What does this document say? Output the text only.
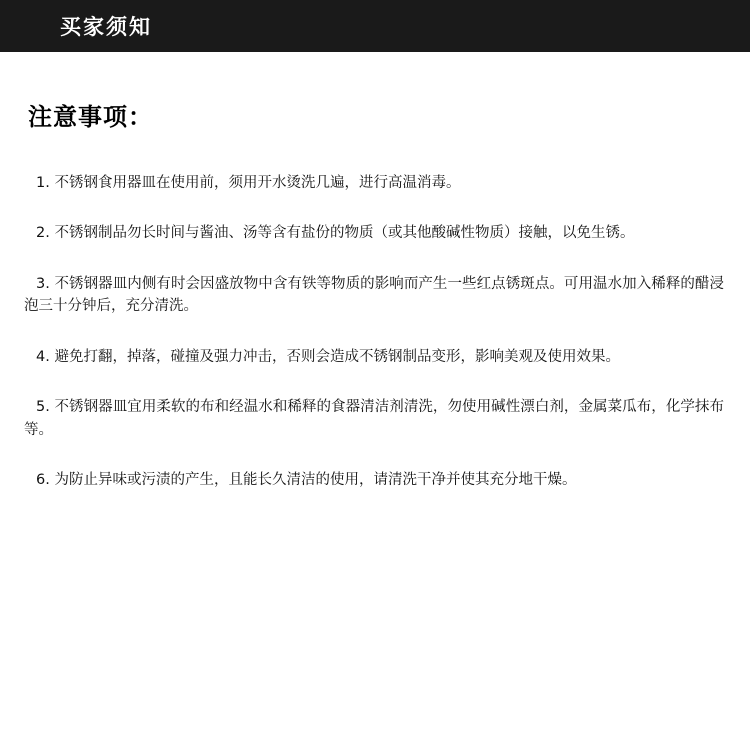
买家须知
注意事项：

1. 不锈钢食用器皿在使用前，须用开水烫洗几遍，进行高温消毒。

2. 不锈钢制品勿长时间与酱油、汤等含有盐份的物质（或其他酸碱性物质）接触，以免生锈。

3. 不锈钢器皿内侧有时会因盛放物中含有铁等物质的影响而产生一些红点锈斑点。可用温水加入稀释的醋浸泡三十分钟后，充分清洗。

4. 避免打翻，掉落，碰撞及强力冲击，否则会造成不锈钢制品变形，影响美观及使用效果。

5. 不锈钢器皿宜用柔软的布和经温水和稀释的食器清洁剂清洗，勿使用碱性漂白剂，金属菜瓜布，化学抹布等。

6. 为防止异味或污渍的产生，且能长久清洁的使用，请清洗干净并使其充分地干燥。
